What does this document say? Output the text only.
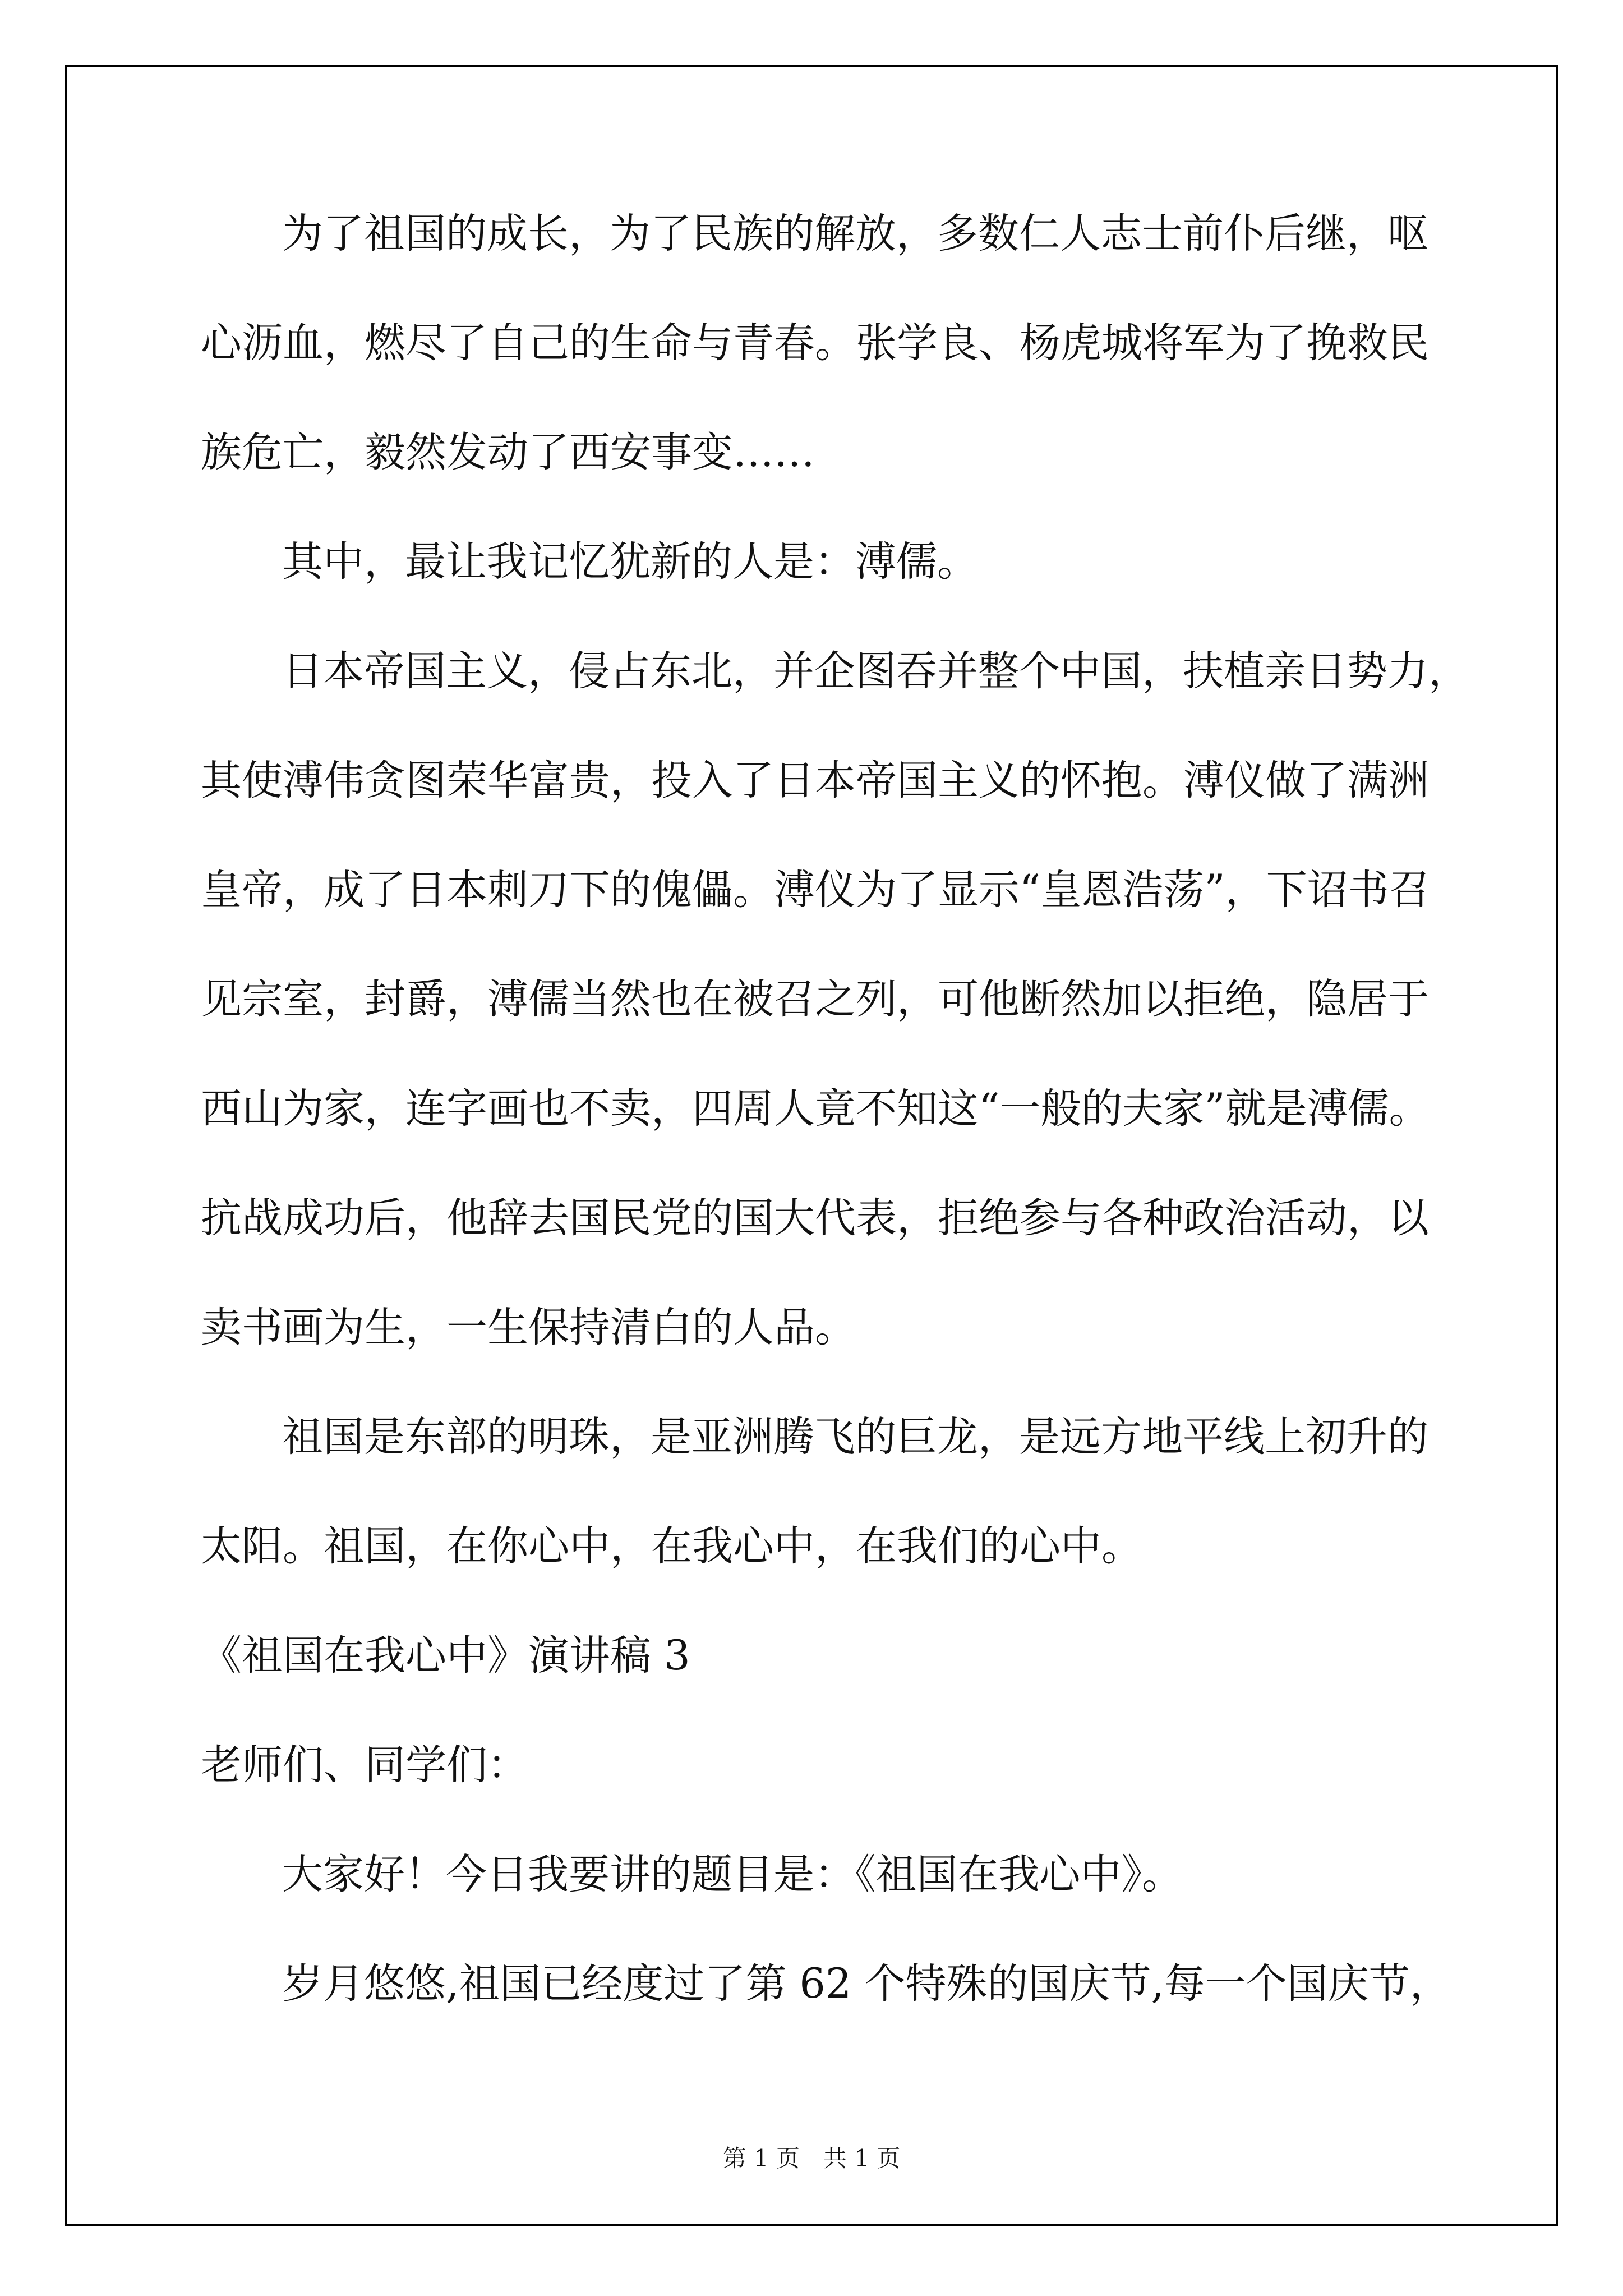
为了祖国的成长，为了民族的解放，多数仁人志士前仆后继，呕
心沥血，燃尽了自己的生命与青春。张学良、杨虎城将军为了挽救民
族危亡，毅然发动了西安事变……
其中，最让我记忆犹新的人是：溥儒。
日本帝国主义，侵占东北，并企图吞并整个中国，扶植亲日势力，
其使溥伟贪图荣华富贵，投入了日本帝国主义的怀抱。溥仪做了满洲
皇帝，成了日本刺刀下的傀儡。溥仪为了显示“皇恩浩荡”，下诏书召
见宗室，封爵，溥儒当然也在被召之列，可他断然加以拒绝，隐居于
西山为家，连字画也不卖，四周人竟不知这“一般的夫家”就是溥儒。
抗战成功后，他辞去国民党的国大代表，拒绝参与各种政治活动，以
卖书画为生，一生保持清白的人品。
祖国是东部的明珠，是亚洲腾飞的巨龙，是远方地平线上初升的
太阳。祖国，在你心中，在我心中，在我们的心中。
《祖国在我心中》演讲稿 3
老师们、同学们：
大家好！今日我要讲的题目是：《祖国在我心中》。
岁月悠悠,祖国已经度过了第 62 个特殊的国庆节,每一个国庆节，
第 1 页　共 1 页
